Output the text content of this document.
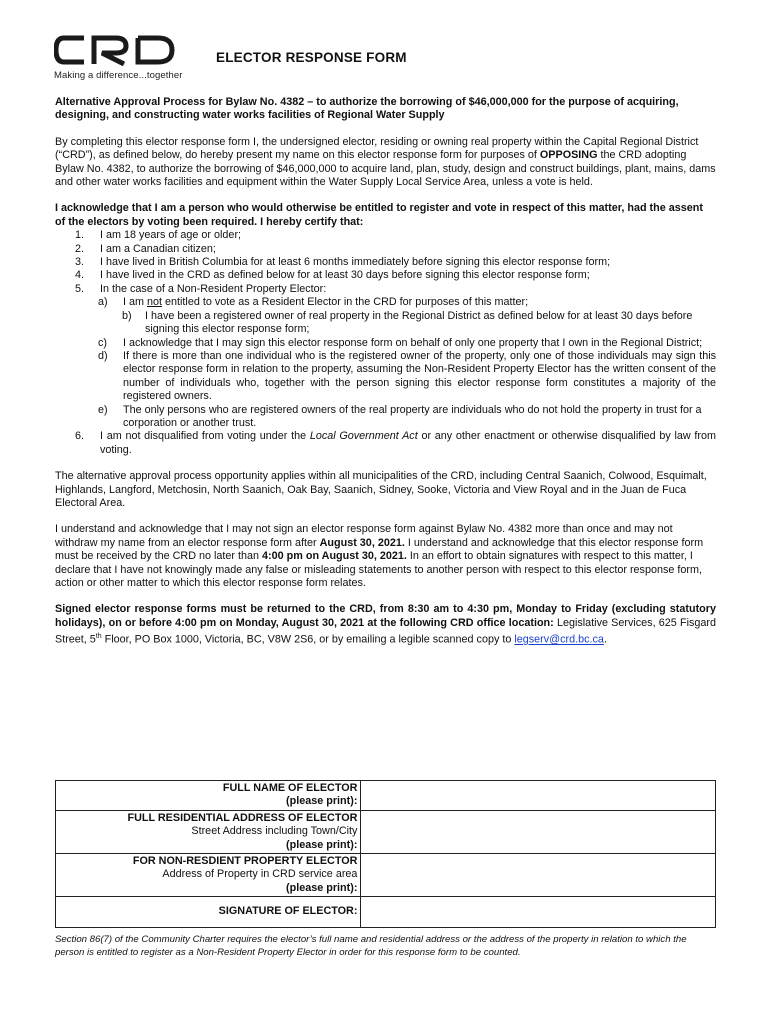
Making a difference...together
ELECTOR RESPONSE FORM

Alternative Approval Process for Bylaw No. 4382 – to authorize the borrowing of $46,000,000 for the purpose of acquiring, designing, and constructing water works facilities of Regional Water Supply

By completing this elector response form I, the undersigned elector, residing or owning real property within the Capital Regional District (“CRD”), as defined below, do hereby present my name on this elector response form for purposes of OPPOSING the CRD adopting Bylaw No. 4382, to authorize the borrowing of $46,000,000 to acquire land, plan, study, design and construct buildings, plant, mains, dams and other water works facilities and equipment within the Water Supply Local Service Area, unless a vote is held.

I acknowledge that I am a person who would otherwise be entitled to register and vote in respect of this matter, had the assent of the electors by voting been required. I hereby certify that:

1. I am 18 years of age or older;
2. I am a Canadian citizen;
3. I have lived in British Columbia for at least 6 months immediately before signing this elector response form;
4. I have lived in the CRD as defined below for at least 30 days before signing this elector response form;
5. In the case of a Non-Resident Property Elector:
a) I am not entitled to vote as a Resident Elector in the CRD for purposes of this matter;
b) I have been a registered owner of real property in the Regional District as defined below for at least 30 days before signing this elector response form;
c) I acknowledge that I may sign this elector response form on behalf of only one property that I own in the Regional District;
d) If there is more than one individual who is the registered owner of the property, only one of those individuals may sign this elector response form in relation to the property, assuming the Non-Resident Property Elector has the written consent of the number of individuals who, together with the person signing this elector response form constitutes a majority of the registered owners.
e) The only persons who are registered owners of the real property are individuals who do not hold the property in trust for a corporation or another trust.
6. I am not disqualified from voting under the Local Government Act or any other enactment or otherwise disqualified by law from voting.

The alternative approval process opportunity applies within all municipalities of the CRD, including Central Saanich, Colwood, Esquimalt, Highlands, Langford, Metchosin, North Saanich, Oak Bay, Saanich, Sidney, Sooke, Victoria and View Royal and in the Juan de Fuca Electoral Area.

I understand and acknowledge that I may not sign an elector response form against Bylaw No. 4382 more than once and may not withdraw my name from an elector response form after August 30, 2021. I understand and acknowledge that this elector response form must be received by the CRD no later than 4:00 pm on August 30, 2021. In an effort to obtain signatures with respect to this matter, I declare that I have not knowingly made any false or misleading statements to another person with respect to this elector response form, action or other matter to which this elector response form relates.

Signed elector response forms must be returned to the CRD, from 8:30 am to 4:30 pm, Monday to Friday (excluding statutory holidays), on or before 4:00 pm on Monday, August 30, 2021 at the following CRD office location: Legislative Services, 625 Fisgard Street, 5th Floor, PO Box 1000, Victoria, BC, V8W 2S6, or by emailing a legible scanned copy to legserv@crd.bc.ca.

FULL NAME OF ELECTOR
(please print):	
FULL RESIDENTIAL ADDRESS OF ELECTOR
Street Address including Town/City
(please print):	
FOR NON-RESDIENT PROPERTY ELECTOR
Address of Property in CRD service area
(please print):	
SIGNATURE OF ELECTOR:	
Section 86(7) of the Community Charter requires the elector’s full name and residential address or the address of the property in relation to which the person is entitled to register as a Non-Resident Property Elector in order for this response form to be counted.
